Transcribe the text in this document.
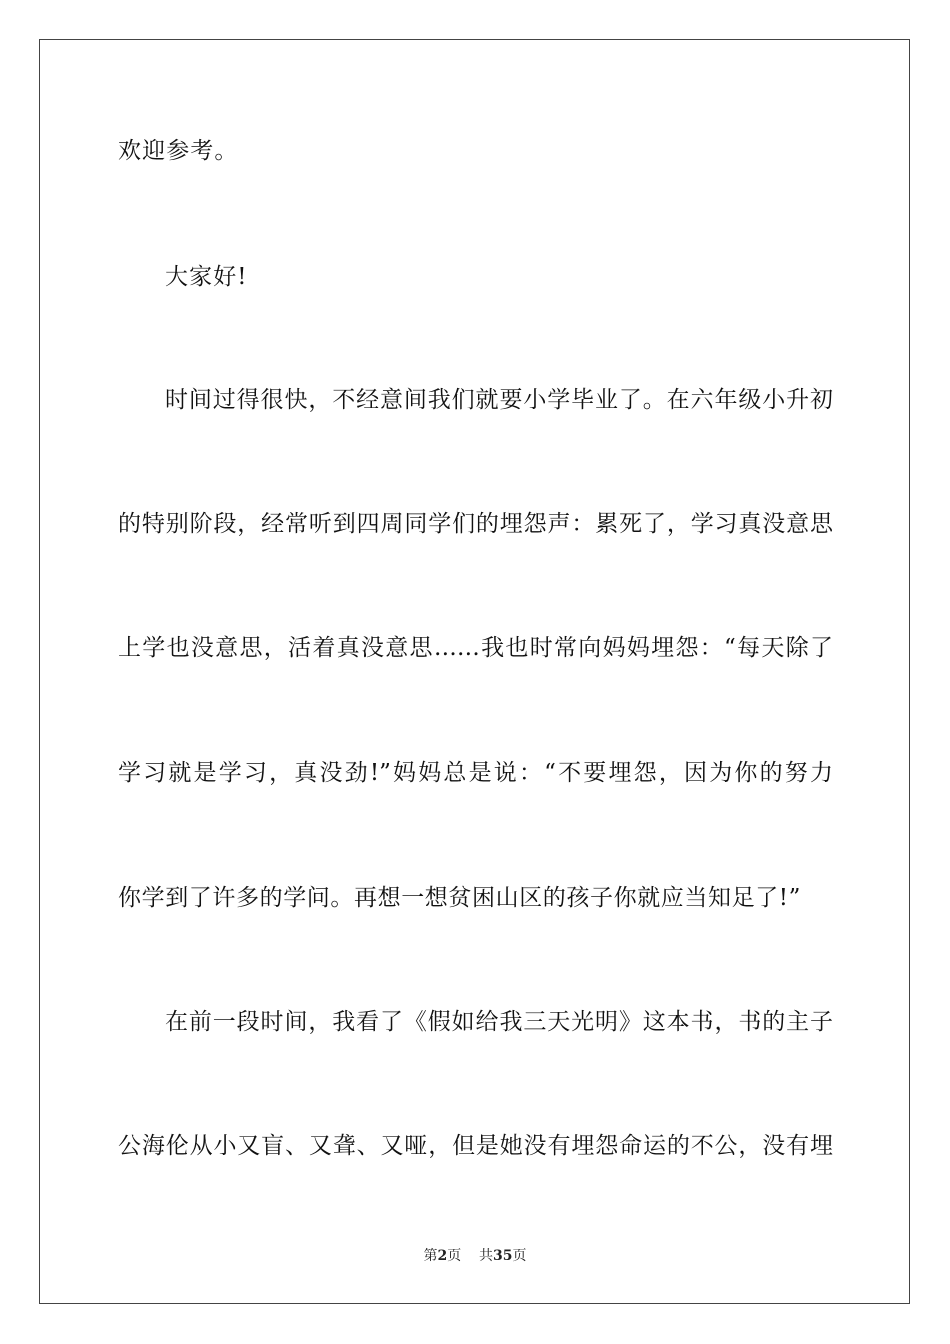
欢迎参考。
大家好!
时间过得很快，不经意间我们就要小学毕业了。在六年级小升初
的特别阶段，经常听到四周同学们的埋怨声：累死了，学习真没意思
上学也没意思，活着真没意思……我也时常向妈妈埋怨：“每天除了
学习就是学习，真没劲!”妈妈总是说：“不要埋怨，因为你的努力
你学到了许多的学问。再想一想贫困山区的孩子你就应当知足了!”
在前一段时间，我看了《假如给我三天光明》这本书，书的主子
公海伦从小又盲、又聋、又哑，但是她没有埋怨命运的不公，没有埋
第2页 共35页
